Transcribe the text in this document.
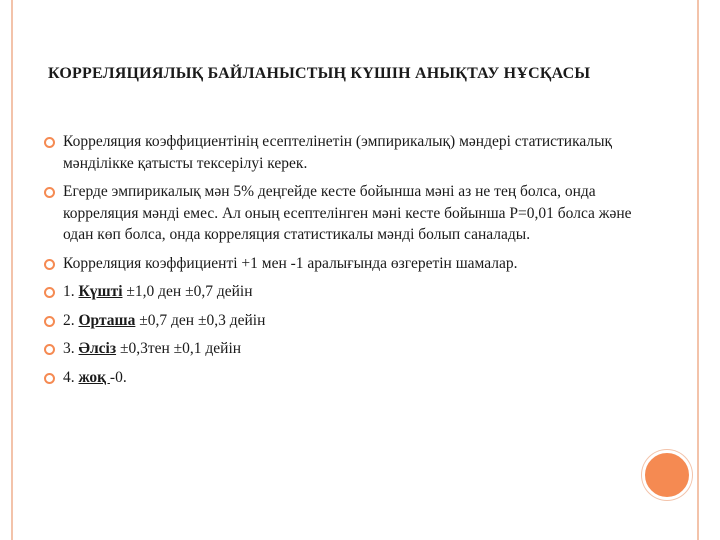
КОРРЕЛЯЦИЯЛЫҚ БАЙЛАНЫСТЫҢ КҮШІН АНЫҚТАУ НҰСҚАСЫ
Корреляция коэффициентінің есептелінетін (эмпирикалық) мәндері статистикалық мәнділікке қатысты тексерілуі керек.
Егерде эмпирикалық мән 5% деңгейде кесте бойынша мәні аз не тең болса, онда корреляция мәнді емес. Ал оның есептелінген мәні кесте бойынша Р=0,01 болса және одан көп болса, онда корреляция статистикалы мәнді болып саналады.
Корреляция коэффициенті +1 мен -1 аралығында өзгеретін шамалар.
1. Күшті ±1,0 ден ±0,7 дейін
2. Орташа ±0,7 ден ±0,3 дейін
3. Әлсіз ±0,3тен ±0,1 дейін
4. жоқ -0.
